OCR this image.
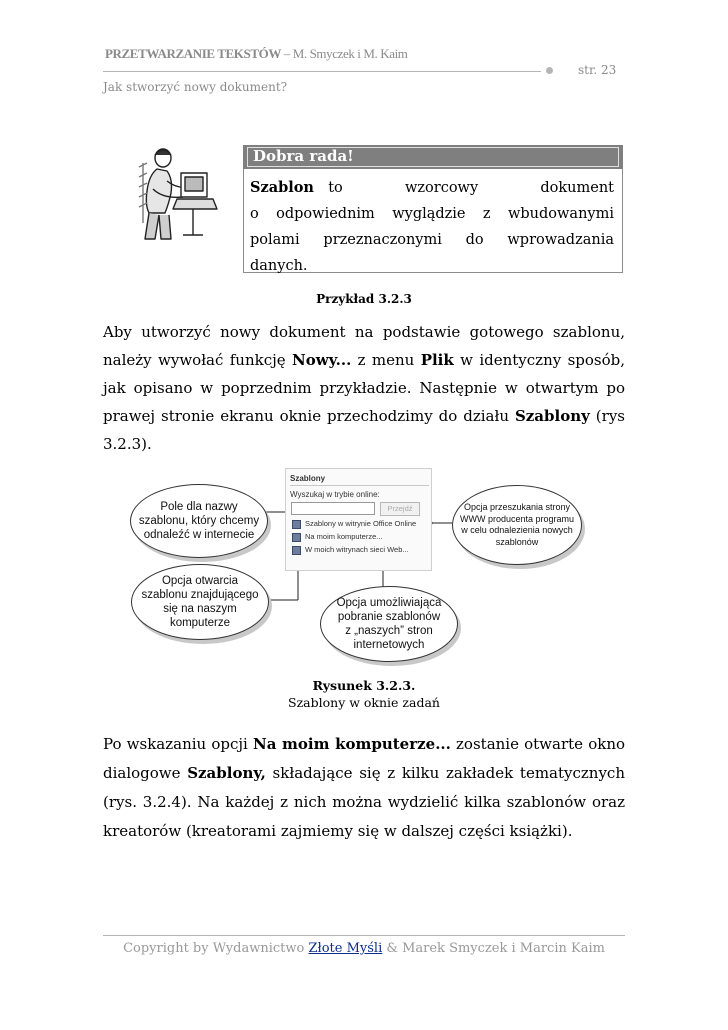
PRZETWARZANIE TEKSTÓW – M. Smyczek i M. Kaim
str. 23
Jak stworzyć nowy dokument?
Dobra rada!
Szablon to wzorcowy dokument
o odpowiednim wyglądzie z wbudowanymi
polami przeznaczonymi do wprowadzania
danych.
Przykład 3.2.3
Aby utworzyć nowy dokument na podstawie gotowego szablonu, należy wywołać funkcję Nowy... z menu Plik w identyczny sposób, jak opisano w poprzednim przykładzie. Następnie w otwartym po prawej stronie ekranu oknie przechodzimy do działu Szablony (rys 3.2.3).
Szablony
Wyszukaj w trybie online:
Przejdź
Szablony w witrynie Office Online
Na moim komputerze...
W moich witrynach sieci Web...
Pole dla nazwy
szablonu, który chcemy
odnaleźć w internecie
Opcja przeszukania strony
WWW producenta programu
w celu odnalezienia nowych
szablonów
Opcja otwarcia
szablonu znajdującego
się na naszym
komputerze
Opcja umożliwiająca
pobranie szablonów
z „naszych” stron
internetowych
Rysunek 3.2.3.
Szablony w oknie zadań
Po wskazaniu opcji Na moim komputerze... zostanie otwarte okno dialogowe Szablony, składające się z kilku zakładek tematycznych (rys. 3.2.4). Na każdej z nich można wydzielić kilka szablonów oraz kreatorów (kreatorami zajmiemy się w dalszej części książki).
Copyright by Wydawnictwo Złote Myśli & Marek Smyczek i Marcin Kaim
